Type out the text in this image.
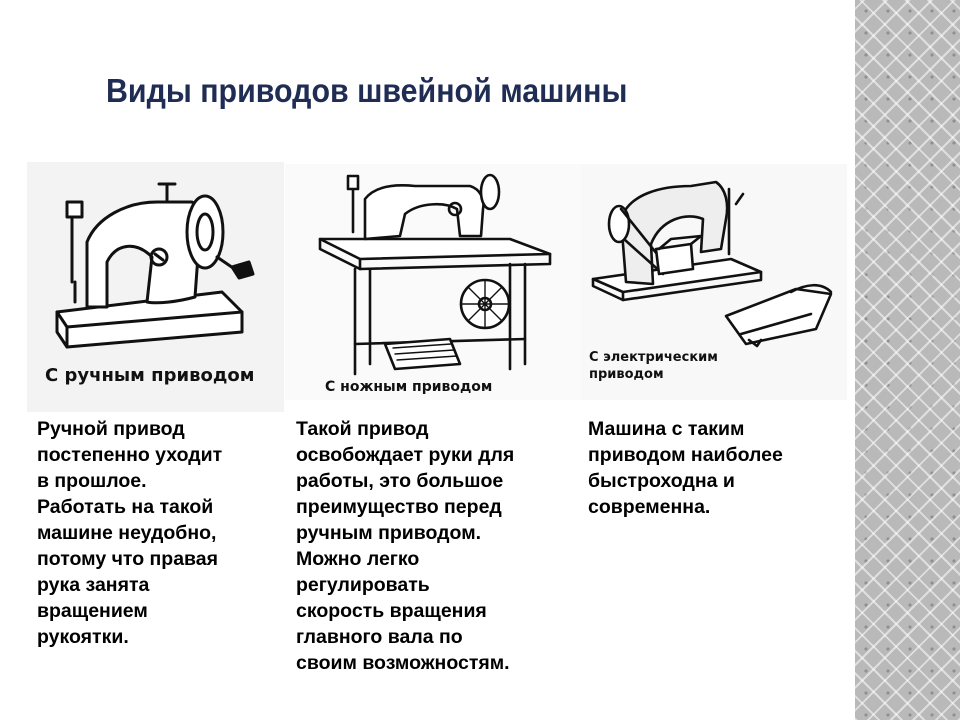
Виды приводов швейной машины
С ручным приводом
С ножным приводом
С электрическим
приводом

Ручной привод
постепенно уходит
в прошлое.
Работать на такой
машине неудобно,
потому что правая
рука занята
вращением
рукоятки.

Такой привод
освобождает руки для
работы, это большое
преимущество перед
ручным приводом.
Можно легко
регулировать
скорость вращения
главного вала по
своим возможностям.

Машина с таким
приводом наиболее
быстроходна и
современна.
